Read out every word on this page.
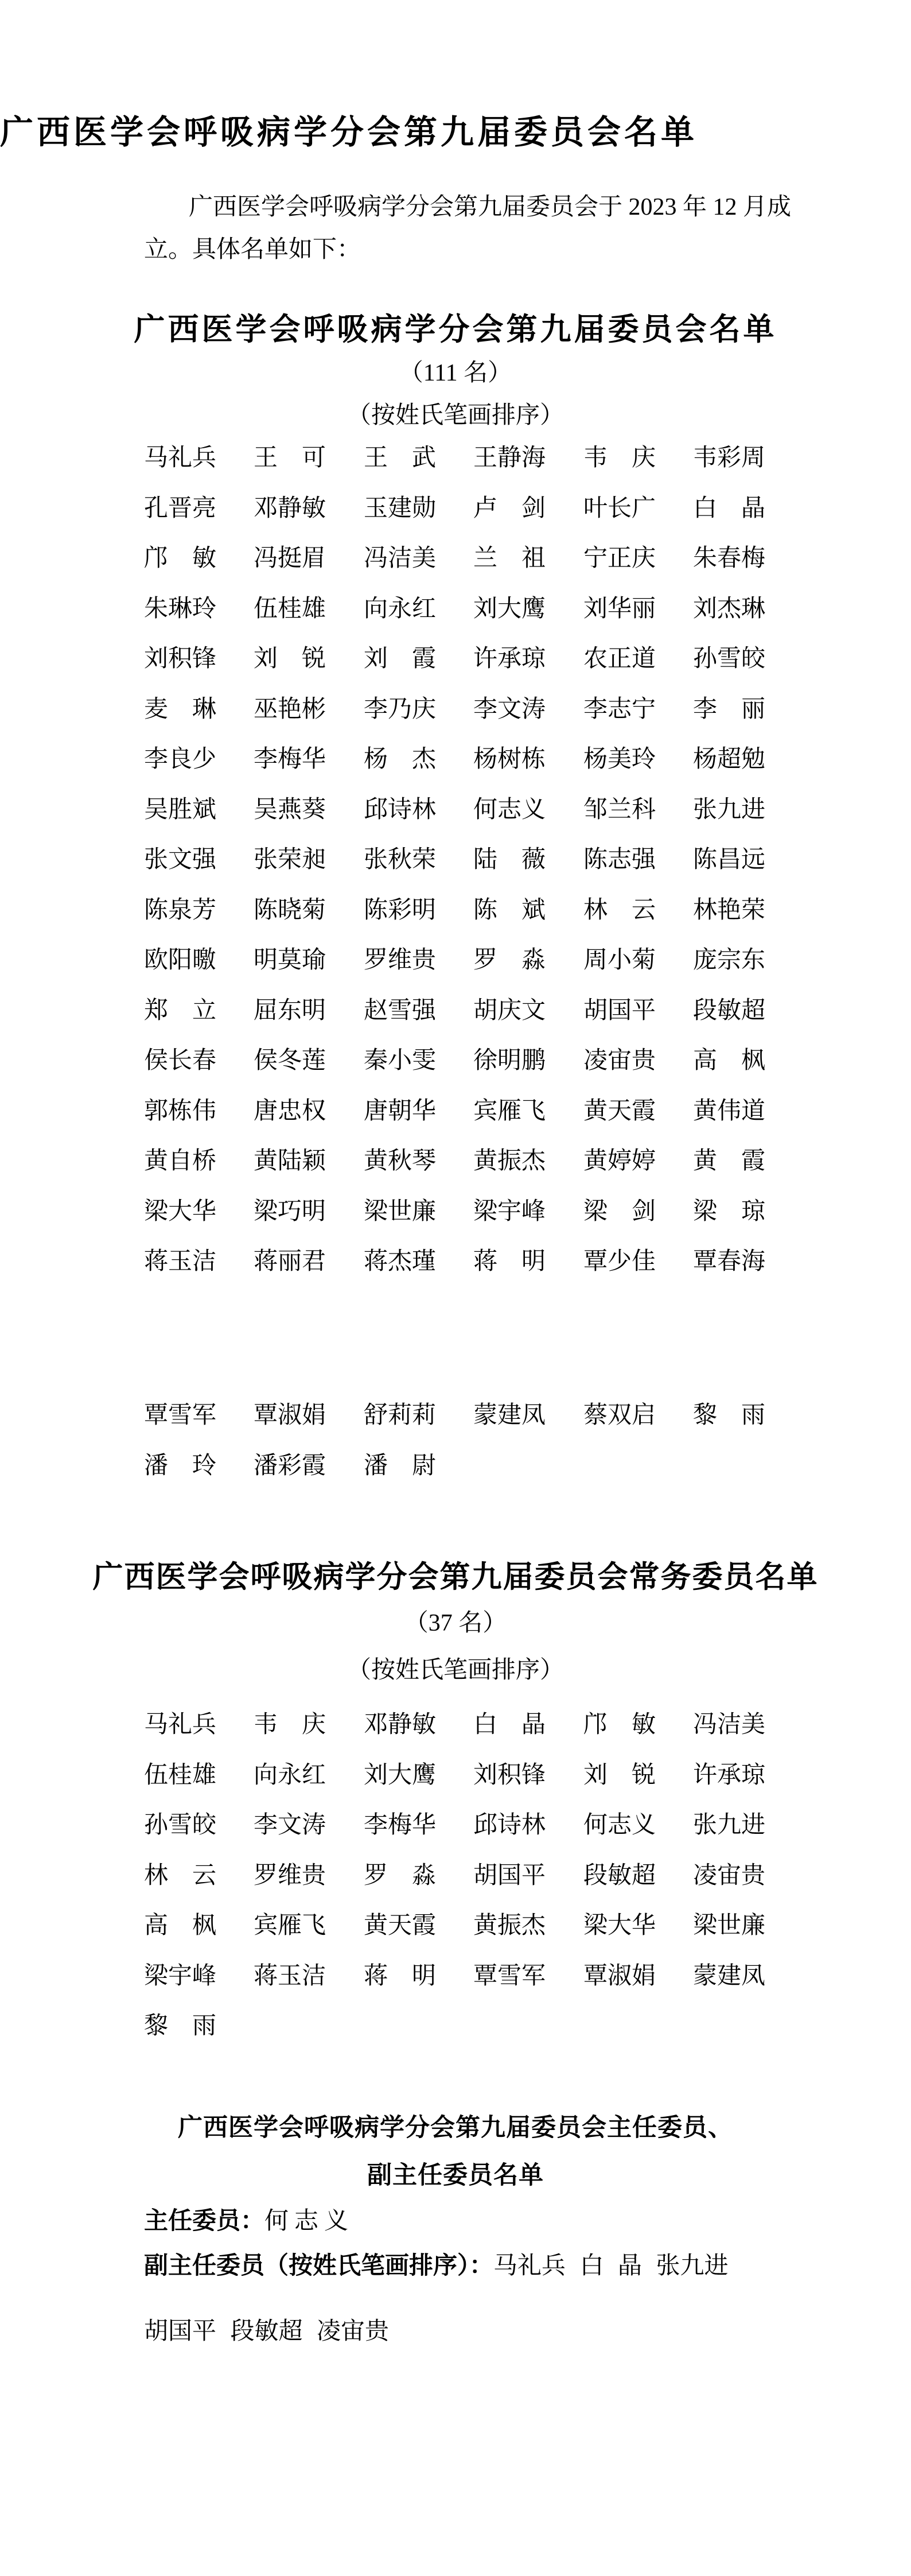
广西医学会呼吸病学分会第九届委员会名单
广西医学会呼吸病学分会第九届委员会于 2023 年 12 月成
立。具体名单如下：
广西医学会呼吸病学分会第九届委员会名单
（111 名）
（按姓氏笔画排序）
马 礼 兵 王 可 王 武 王 静 海 韦 庆 韦 彩 周
孔 晋 亮 邓 静 敏 玉 建 勋 卢 剑 叶 长 广 白 晶
邝 敏 冯 挺 眉 冯 洁 美 兰 祖 宁 正 庆 朱 春 梅
朱 琳 玲 伍 桂 雄 向 永 红 刘 大 鹰 刘 华 丽 刘 杰 琳
刘 积 锋 刘 锐 刘 霞 许 承 琼 农 正 道 孙 雪 皎
麦 琳 巫 艳 彬 李 乃 庆 李 文 涛 李 志 宁 李 丽
李 良 少 李 梅 华 杨 杰 杨 树 栋 杨 美 玲 杨 超 勉
吴 胜 斌 吴 燕 葵 邱 诗 林 何 志 义 邹 兰 科 张 九 进
张 文 强 张 荣 昶 张 秋 荣 陆 薇 陈 志 强 陈 昌 远
陈 泉 芳 陈 晓 菊 陈 彩 明 陈 斌 林 云 林 艳 荣
欧 阳 曒 明 莫 瑜 罗 维 贵 罗 淼 周 小 菊 庞 宗 东
郑 立 屈 东 明 赵 雪 强 胡 庆 文 胡 国 平 段 敏 超
侯 长 春 侯 冬 莲 秦 小 雯 徐 明 鹏 凌 宙 贵 高 枫
郭 栋 伟 唐 忠 权 唐 朝 华 宾 雁 飞 黄 天 霞 黄 伟 道
黄 自 桥 黄 陆 颖 黄 秋 琴 黄 振 杰 黄 婷 婷 黄 霞
梁 大 华 梁 巧 明 梁 世 廉 梁 宇 峰 梁 剑 梁 琼
蒋 玉 洁 蒋 丽 君 蒋 杰 瑾 蒋 明 覃 少 佳 覃 春 海
覃 雪 军 覃 淑 娟 舒 莉 莉 蒙 建 凤 蔡 双 启 黎 雨
潘 玲 潘 彩 霞 潘 尉
广西医学会呼吸病学分会第九届委员会常务委员名单
（37 名）
（按姓氏笔画排序）
马 礼 兵 韦 庆 邓 静 敏 白 晶 邝 敏 冯 洁 美
伍 桂 雄 向 永 红 刘 大 鹰 刘 积 锋 刘 锐 许 承 琼
孙 雪 皎 李 文 涛 李 梅 华 邱 诗 林 何 志 义 张 九 进
林 云 罗 维 贵 罗 淼 胡 国 平 段 敏 超 凌 宙 贵
高 枫 宾 雁 飞 黄 天 霞 黄 振 杰 梁 大 华 梁 世 廉
梁 宇 峰 蒋 玉 洁 蒋 明 覃 雪 军 覃 淑 娟 蒙 建 凤
黎 雨
广西医学会呼吸病学分会第九届委员会主任委员、
副主任委员名单
主任委员：何志义
副主任委员（按姓氏笔画排序）：马礼兵 白 晶 张九进
胡国平 段敏超 凌宙贵
